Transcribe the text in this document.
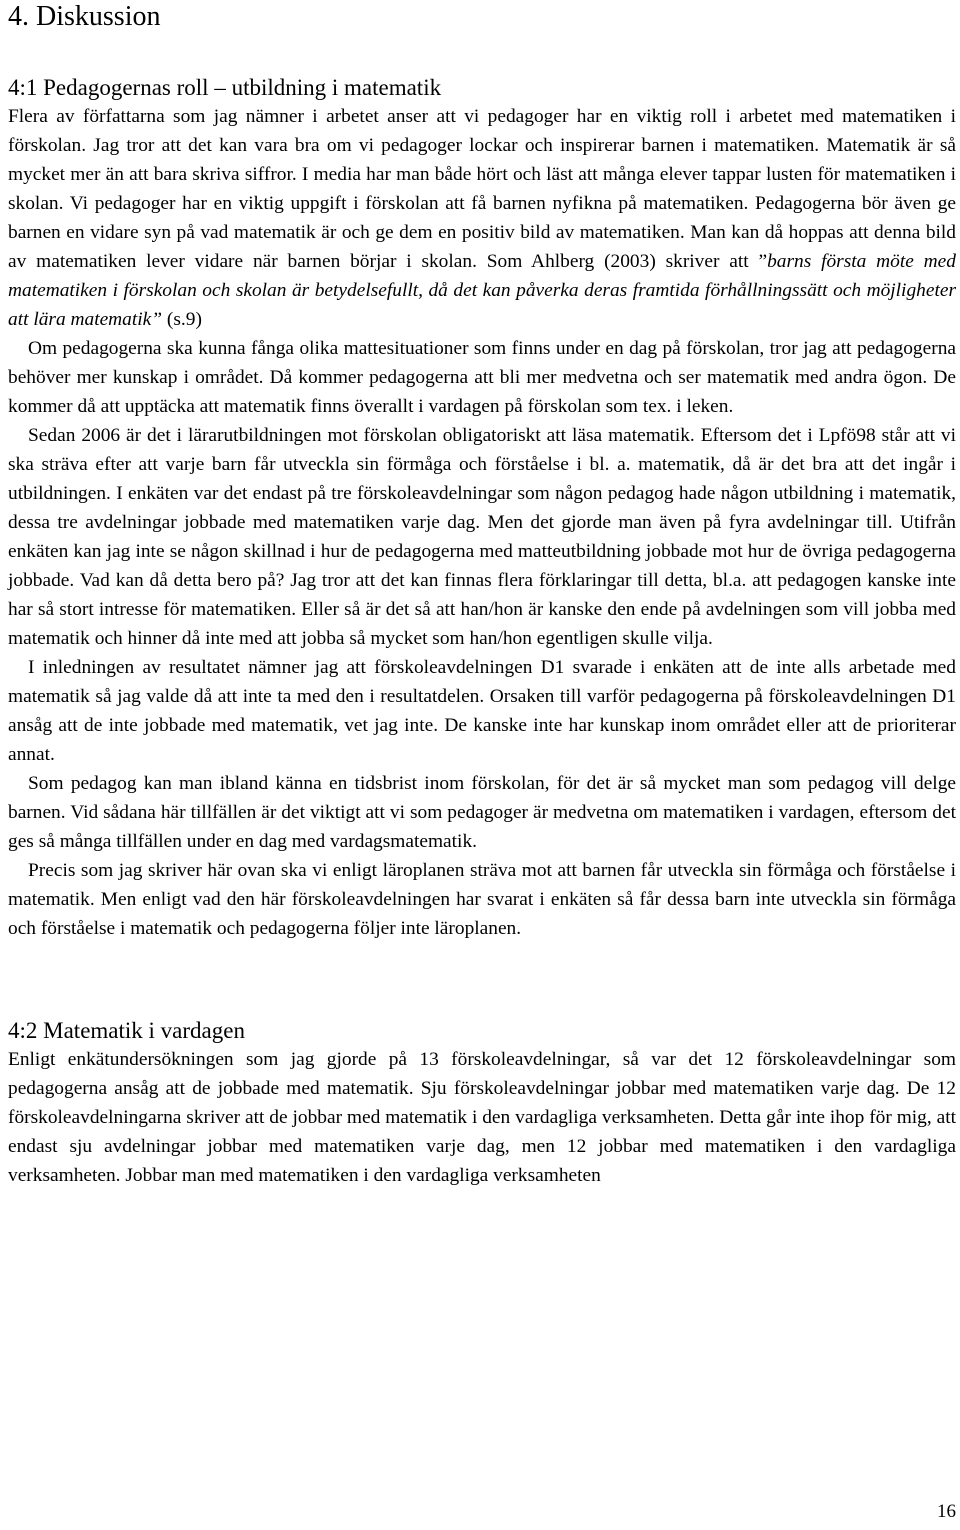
4. Diskussion
4:1 Pedagogernas roll – utbildning i matematik

Flera av författarna som jag nämner i arbetet anser att vi pedagoger har en viktig roll i arbetet med matematiken i förskolan. Jag tror att det kan vara bra om vi pedagoger lockar och inspirerar barnen i matematiken. Matematik är så mycket mer än att bara skriva siffror. I media har man både hört och läst att många elever tappar lusten för matematiken i skolan. Vi pedagoger har en viktig uppgift i förskolan att få barnen nyfikna på matematiken. Pedagogerna bör även ge barnen en vidare syn på vad matematik är och ge dem en positiv bild av matematiken. Man kan då hoppas att denna bild av matematiken lever vidare när barnen börjar i skolan. Som Ahlberg (2003) skriver att ”barns första möte med matematiken i förskolan och skolan är betydelsefullt, då det kan påverka deras framtida förhållningssätt och möjligheter att lära matematik” (s.9)

Om pedagogerna ska kunna fånga olika mattesituationer som finns under en dag på förskolan, tror jag att pedagogerna behöver mer kunskap i området. Då kommer pedagogerna att bli mer medvetna och ser matematik med andra ögon. De kommer då att upptäcka att matematik finns överallt i vardagen på förskolan som tex. i leken.

Sedan 2006 är det i lärarutbildningen mot förskolan obligatoriskt att läsa matematik. Eftersom det i Lpfö98 står att vi ska sträva efter att varje barn får utveckla sin förmåga och förståelse i bl. a. matematik, då är det bra att det ingår i utbildningen. I enkäten var det endast på tre förskoleavdelningar som någon pedagog hade någon utbildning i matematik, dessa tre avdelningar jobbade med matematiken varje dag. Men det gjorde man även på fyra avdelningar till. Utifrån enkäten kan jag inte se någon skillnad i hur de pedagogerna med matteutbildning jobbade mot hur de övriga pedagogerna jobbade. Vad kan då detta bero på? Jag tror att det kan finnas flera förklaringar till detta, bl.a. att pedagogen kanske inte har så stort intresse för matematiken. Eller så är det så att han/hon är kanske den ende på avdelningen som vill jobba med matematik och hinner då inte med att jobba så mycket som han/hon egentligen skulle vilja.

I inledningen av resultatet nämner jag att förskoleavdelningen D1 svarade i enkäten att de inte alls arbetade med matematik så jag valde då att inte ta med den i resultatdelen. Orsaken till varför pedagogerna på förskoleavdelningen D1 ansåg att de inte jobbade med matematik, vet jag inte. De kanske inte har kunskap inom området eller att de prioriterar annat.

Som pedagog kan man ibland känna en tidsbrist inom förskolan, för det är så mycket man som pedagog vill delge barnen. Vid sådana här tillfällen är det viktigt att vi som pedagoger är medvetna om matematiken i vardagen, eftersom det ges så många tillfällen under en dag med vardagsmatematik.

Precis som jag skriver här ovan ska vi enligt läroplanen sträva mot att barnen får utveckla sin förmåga och förståelse i matematik. Men enligt vad den här förskoleavdelningen har svarat i enkäten så får dessa barn inte utveckla sin förmåga och förståelse i matematik och pedagogerna följer inte läroplanen.

4:2 Matematik i vardagen

Enligt enkätundersökningen som jag gjorde på 13 förskoleavdelningar, så var det 12 förskoleavdelningar som pedagogerna ansåg att de jobbade med matematik. Sju förskoleavdelningar jobbar med matematiken varje dag. De 12 förskoleavdelningarna skriver att de jobbar med matematik i den vardagliga verksamheten. Detta går inte ihop för mig, att endast sju avdelningar jobbar med matematiken varje dag, men 12 jobbar med matematiken i den vardagliga verksamheten. Jobbar man med matematiken i den vardagliga verksamheten

16
